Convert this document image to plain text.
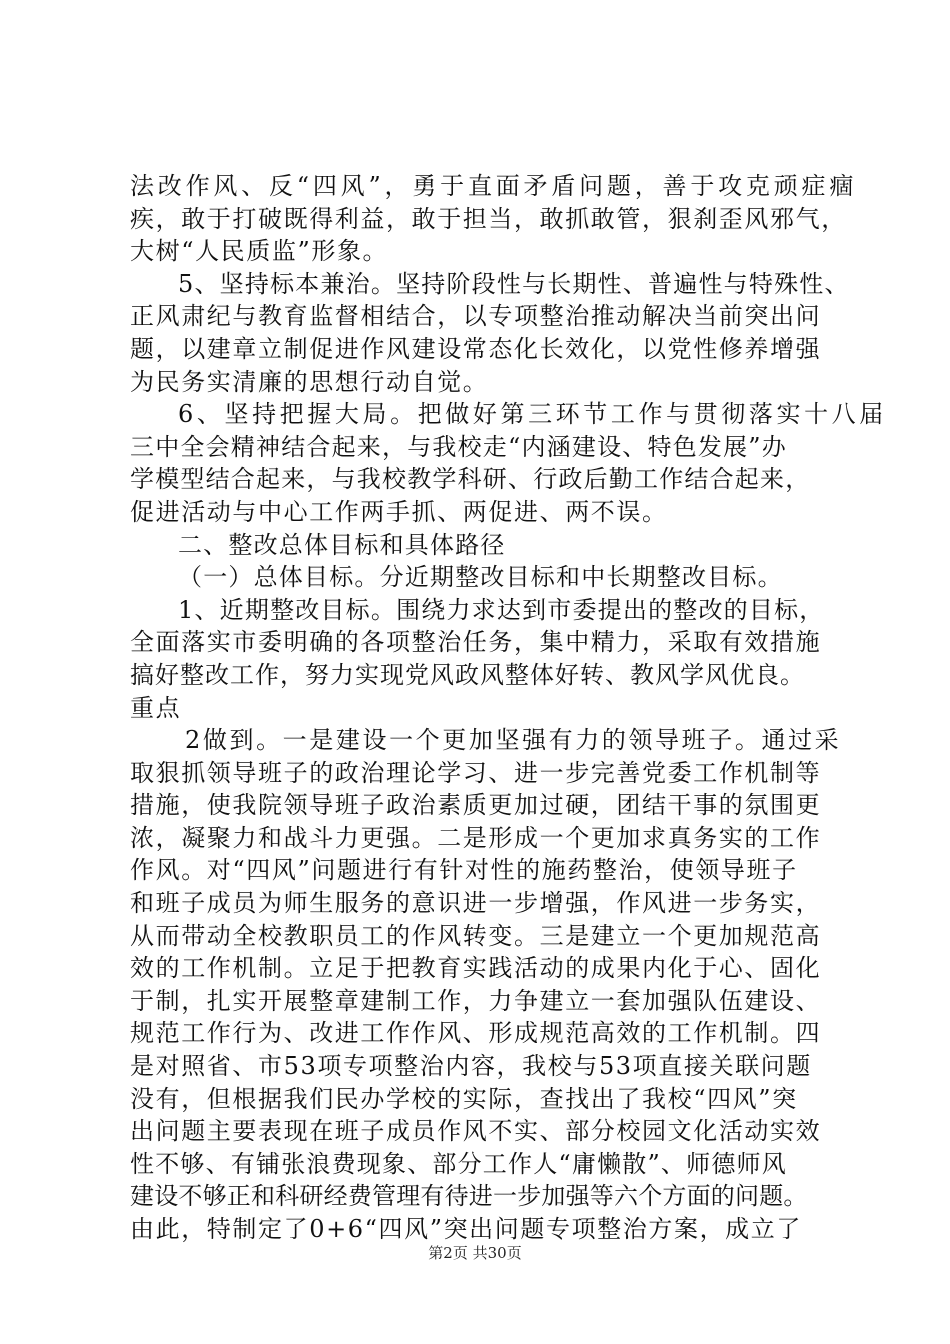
法改作风、反“四风”，勇于直面矛盾问题，善于攻克顽症痼
疾，敢于打破既得利益，敢于担当，敢抓敢管，狠刹歪风邪气，
大树“人民质监”形象。
5、坚持标本兼治。坚持阶段性与长期性、普遍性与特殊性、
正风肃纪与教育监督相结合，以专项整治推动解决当前突出问
题，以建章立制促进作风建设常态化长效化，以党性修养增强
为民务实清廉的思想行动自觉。
6、坚持把握大局。把做好第三环节工作与贯彻落实十八届
三中全会精神结合起来，与我校走“内涵建设、特色发展”办
学模型结合起来，与我校教学科研、行政后勤工作结合起来，
促进活动与中心工作两手抓、两促进、两不误。
二、整改总体目标和具体路径
（一）总体目标。分近期整改目标和中长期整改目标。
1、近期整改目标。围绕力求达到市委提出的整改的目标，
全面落实市委明确的各项整治任务，集中精力，采取有效措施
搞好整改工作，努力实现党风政风整体好转、教风学风优良。
重点
2做到。一是建设一个更加坚强有力的领导班子。通过采
取狠抓领导班子的政治理论学习、进一步完善党委工作机制等
措施，使我院领导班子政治素质更加过硬，团结干事的氛围更
浓，凝聚力和战斗力更强。二是形成一个更加求真务实的工作
作风。对“四风”问题进行有针对性的施药整治，使领导班子
和班子成员为师生服务的意识进一步增强，作风进一步务实，
从而带动全校教职员工的作风转变。三是建立一个更加规范高
效的工作机制。立足于把教育实践活动的成果内化于心、固化
于制，扎实开展整章建制工作，力争建立一套加强队伍建设、
规范工作行为、改进工作作风、形成规范高效的工作机制。四
是对照省、市53项专项整治内容，我校与53项直接关联问题
没有，但根据我们民办学校的实际，查找出了我校“四风”突
出问题主要表现在班子成员作风不实、部分校园文化活动实效
性不够、有铺张浪费现象、部分工作人“庸懒散”、师德师风
建设不够正和科研经费管理有待进一步加强等六个方面的问题。
由此，特制定了0+6“四风”突出问题专项整治方案，成立了
第2页 共30页
